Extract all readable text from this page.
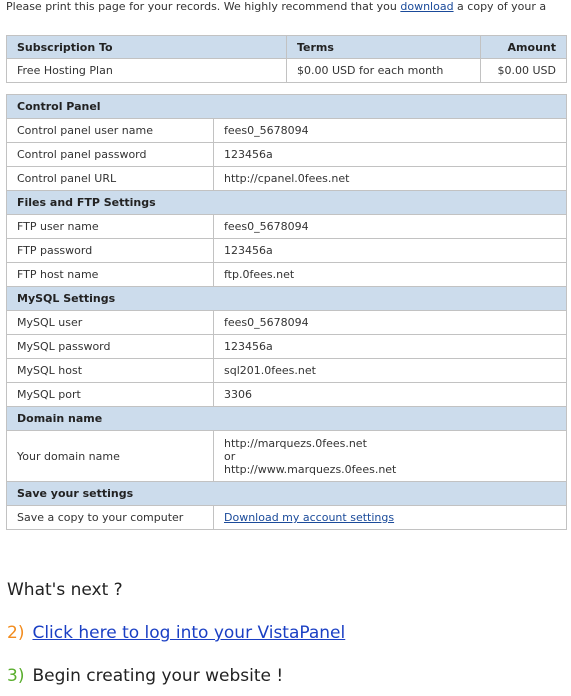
Please print this page for your records. We highly recommend that you download a copy of your a
Subscription To	Terms	Amount
Free Hosting Plan	$0.00 USD for each month	$0.00 USD
Control Panel	
Control panel user name	fees0_5678094
Control panel password	123456a
Control panel URL	http://cpanel.0fees.net
Files and FTP Settings	
FTP user name	fees0_5678094
FTP password	123456a
FTP host name	ftp.0fees.net
MySQL Settings	
MySQL user	fees0_5678094
MySQL password	123456a
MySQL host	sql201.0fees.net
MySQL port	3306
Domain name	
Your domain name	http://marquezs.0fees.net
or
http://www.marquezs.0fees.net

Save your settings	
Save a copy to your computer	Download my account settings
What's next ?
2) Click here to log into your VistaPanel
3) Begin creating your website !
